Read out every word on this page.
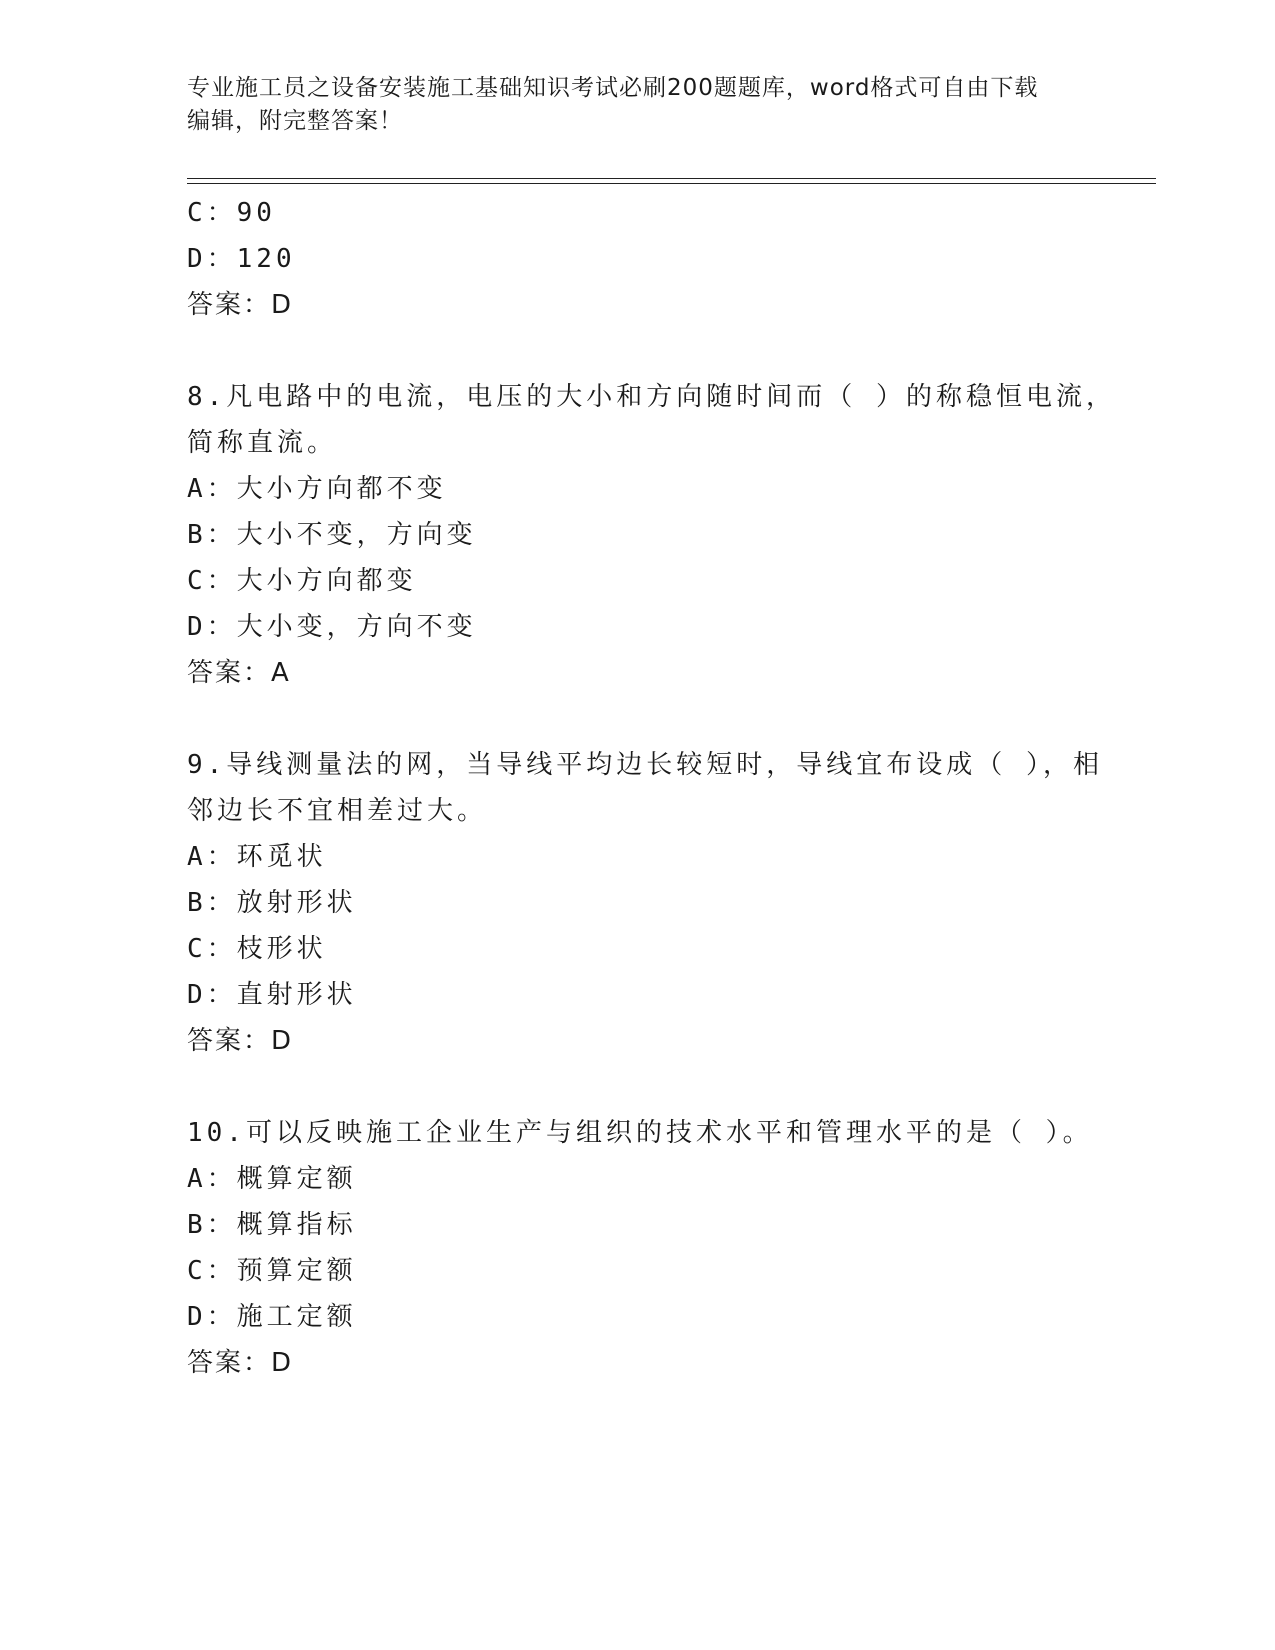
专业施工员之设备安装施工基础知识考试必刷200题题库，word格式可自由下载
编辑，附完整答案！
C：90
D：120
答案：D
8.凡电路中的电流，电压的大小和方向随时间而（ ）的称稳恒电流，
简称直流。
A：大小方向都不变
B：大小不变，方向变
C：大小方向都变
D：大小变，方向不变
答案：A
9.导线测量法的网，当导线平均边长较短时，导线宜布设成（ ），相
邻边长不宜相差过大。
A：环觅状
B：放射形状
C：枝形状
D：直射形状
答案：D
10.可以反映施工企业生产与组织的技术水平和管理水平的是（ ）。
A：概算定额
B：概算指标
C：预算定额
D：施工定额
答案：D
